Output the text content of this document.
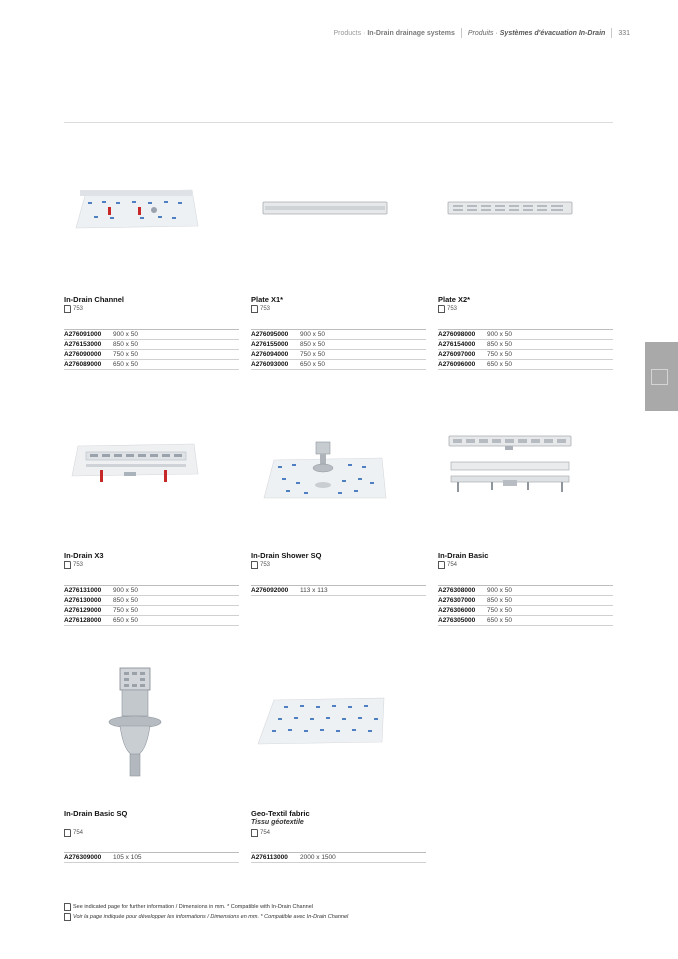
Products · In-Drain drainage systems Produits · Systèmes d'évacuation In-Drain 331
In-Drain Channel
753
A276091000	900 x 50
A276153000	850 x 50
A276090000	750 x 50
A276089000	650 x 50
Plate X1*
753
A276095000	900 x 50
A276155000	850 x 50
A276094000	750 x 50
A276093000	650 x 50
Plate X2*
753
A276098000	900 x 50
A276154000	850 x 50
A276097000	750 x 50
A276096000	650 x 50
In-Drain X3
753
A276131000	900 x 50
A276130000	850 x 50
A276129000	750 x 50
A276128000	650 x 50
In-Drain Shower SQ
753
A276092000	113 x 113
In-Drain Basic
754
A276308000	900 x 50
A276307000	850 x 50
A276306000	750 x 50
A276305000	650 x 50
In-Drain Basic SQ
754
A276309000	105 x 105
Geo-Textil fabric
Tissu géotextile
754
A276113000	2000 x 1500
See indicated page for further information / Dimensions in mm. * Compatible with In-Drain Channel
Voir la page indiquée pour développer les informations / Dimensions en mm. * Compatible avec In-Drain Channel
